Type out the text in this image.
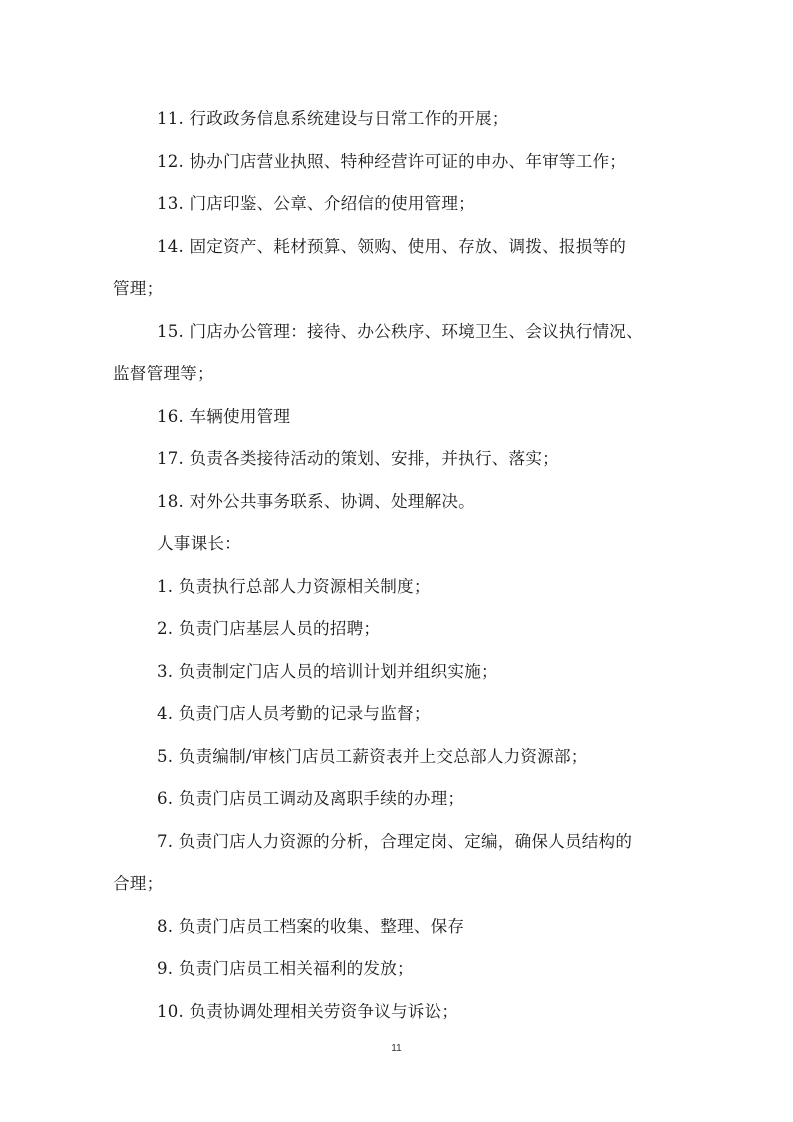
11. 行政政务信息系统建设与日常工作的开展；
12. 协办门店营业执照、特种经营许可证的申办、年审等工作；
13. 门店印鉴、公章、介绍信的使用管理；
14. 固定资产、耗材预算、领购、使用、存放、调拨、报损等的
管理；
15. 门店办公管理：接待、办公秩序、环境卫生、会议执行情况、
监督管理等；
16. 车辆使用管理
17. 负责各类接待活动的策划、安排，并执行、落实；
18. 对外公共事务联系、协调、处理解决。
人事课长：
1. 负责执行总部人力资源相关制度；
2. 负责门店基层人员的招聘；
3. 负责制定门店人员的培训计划并组织实施；
4. 负责门店人员考勤的记录与监督；
5. 负责编制/审核门店员工薪资表并上交总部人力资源部；
6. 负责门店员工调动及离职手续的办理；
7. 负责门店人力资源的分析，合理定岗、定编，确保人员结构的
合理；
8. 负责门店员工档案的收集、整理、保存
9. 负责门店员工相关福利的发放；
10. 负责协调处理相关劳资争议与诉讼；
11
